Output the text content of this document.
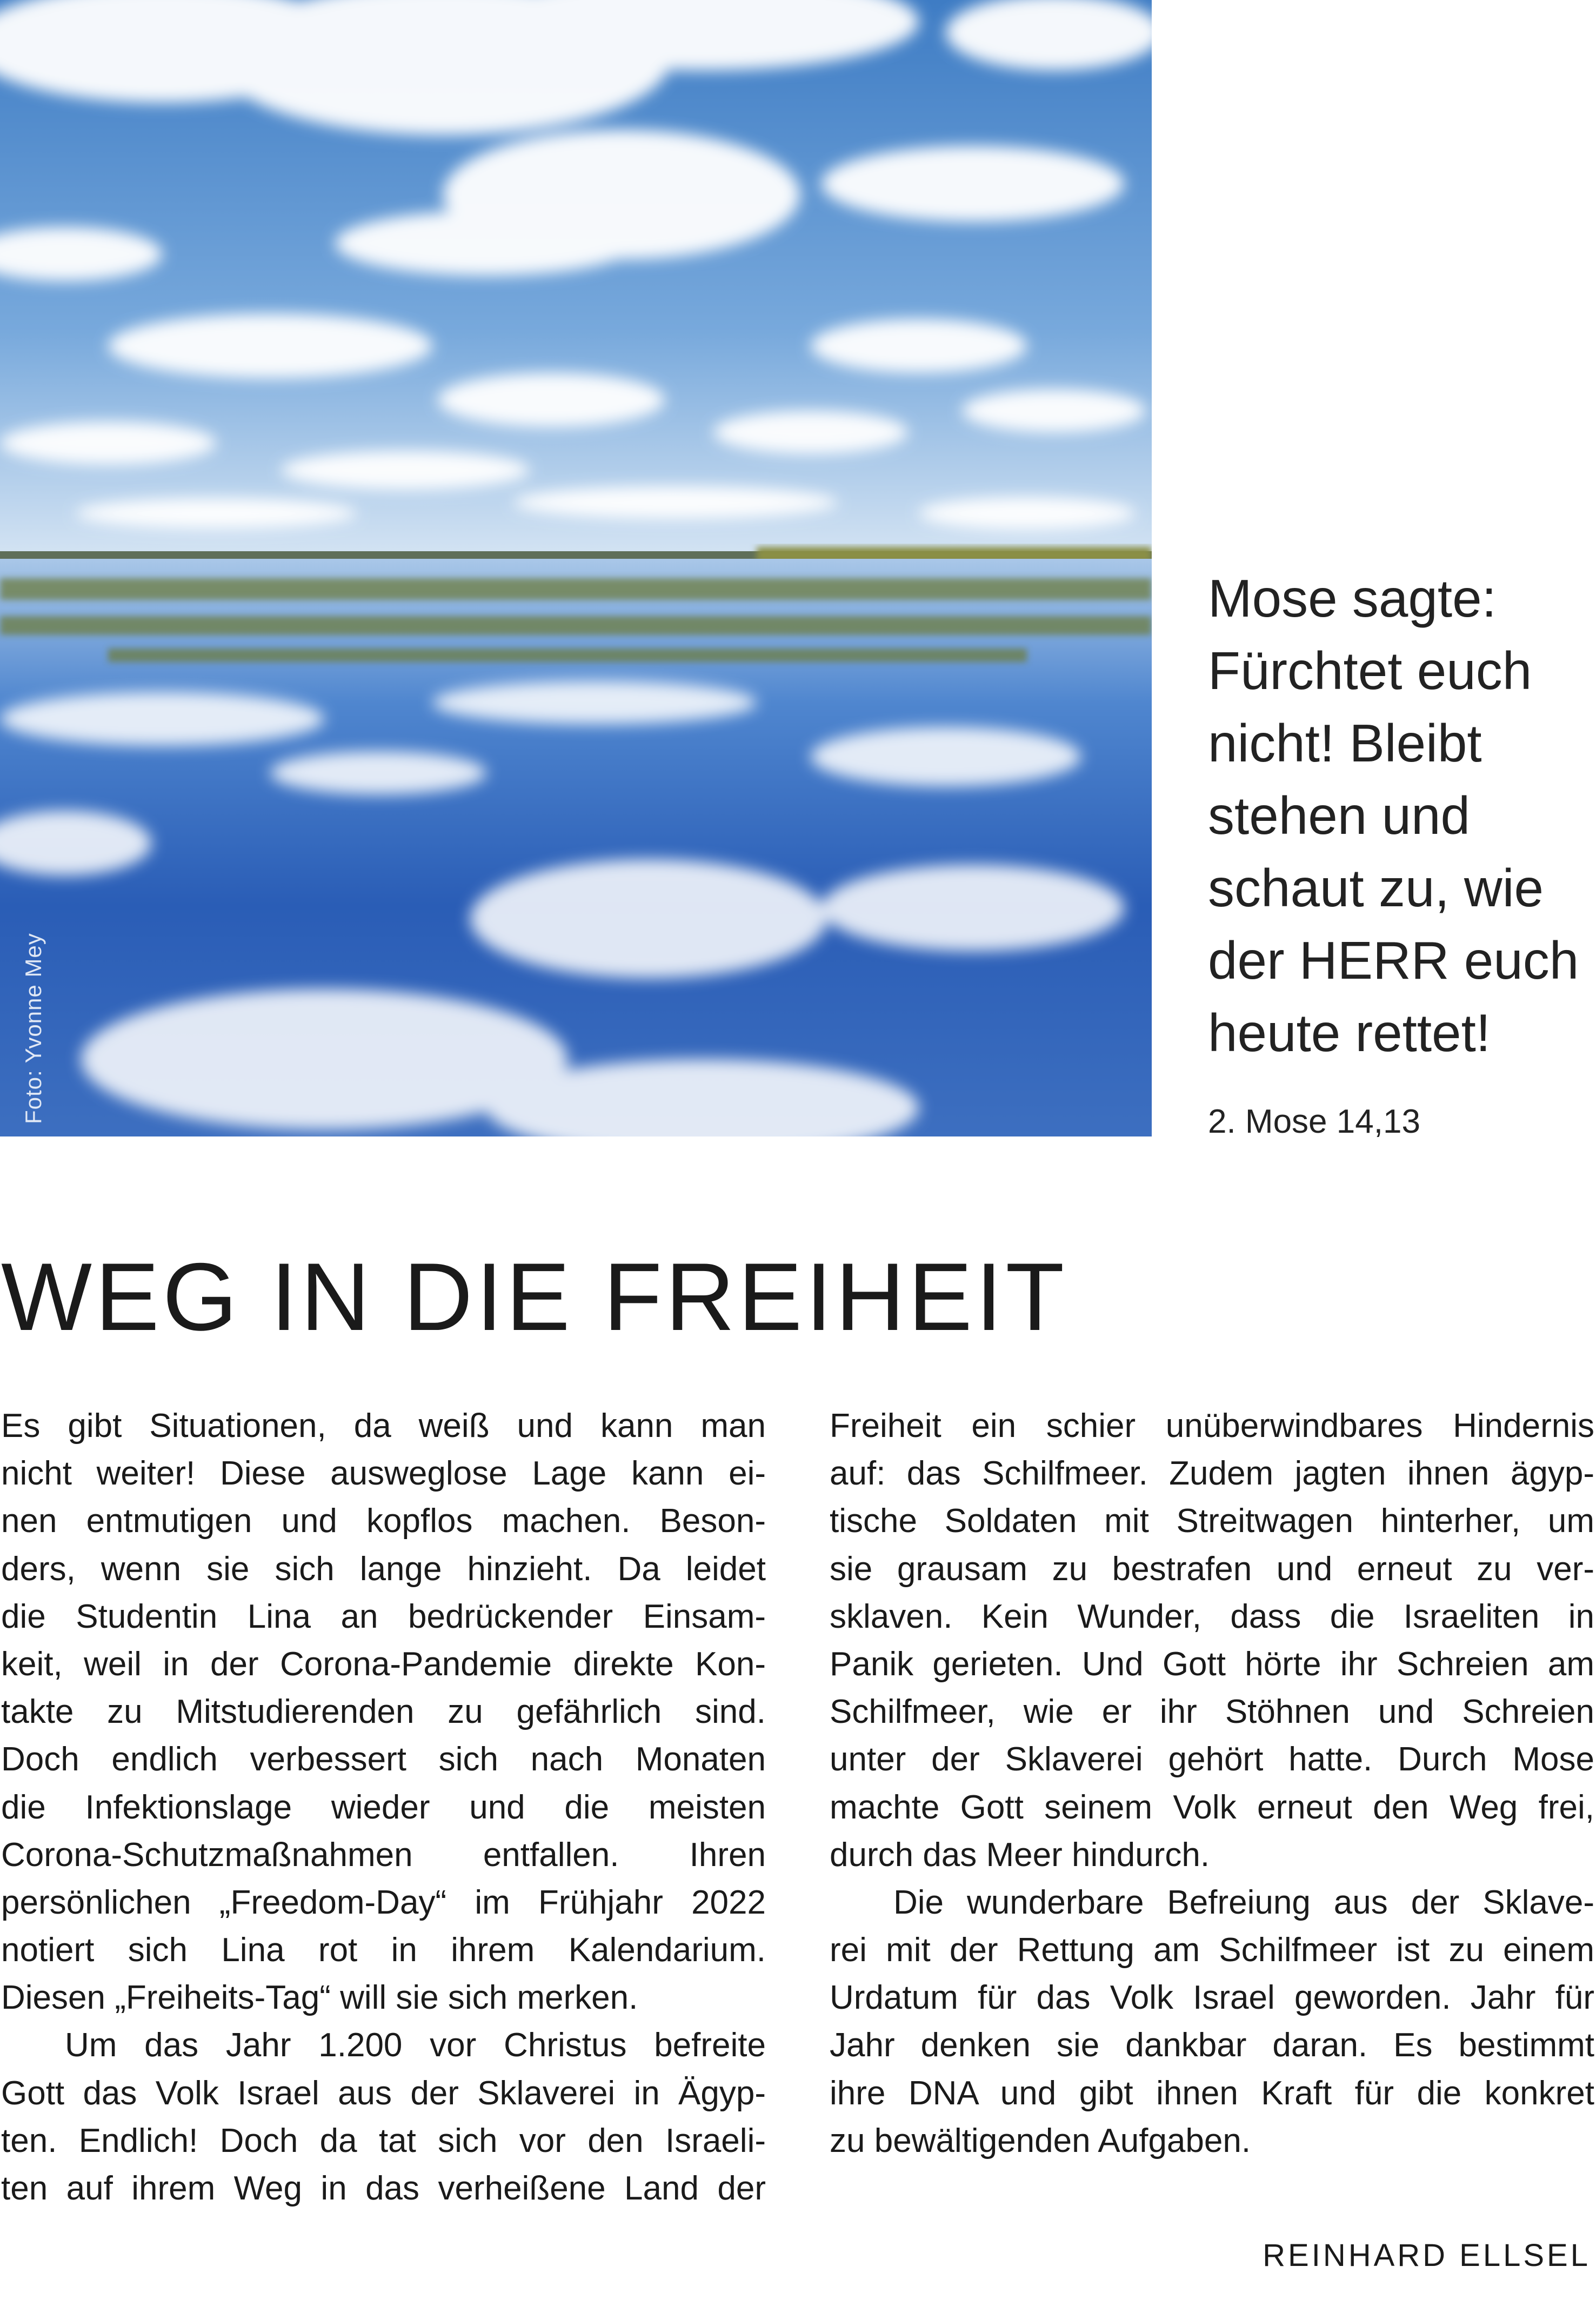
Foto: Yvonne Mey
Mose sagte:
Fürchtet euch
nicht! Bleibt
stehen und
schaut zu, wie
der HERR euch
heute rettet!
2. Mose 14,13
WEG IN DIE FREIHEIT
Es gibt Situationen, da weiß und kann man
nicht weiter! Diese ausweglose Lage kann ei-
nen entmutigen und kopflos machen. Beson-
ders, wenn sie sich lange hinzieht. Da leidet
die Studentin Lina an bedrückender Einsam-
keit, weil in der Corona-Pandemie direkte Kon-
takte zu Mitstudierenden zu gefährlich sind.
Doch endlich verbessert sich nach Monaten
die Infektionslage wieder und die meisten
Corona-Schutzmaßnahmen entfallen. Ihren
persönlichen „Freedom-Day“ im Frühjahr 2022
notiert sich Lina rot in ihrem Kalendarium.
Diesen „Freiheits-Tag“ will sie sich merken.
Um das Jahr 1.200 vor Christus befreite
Gott das Volk Israel aus der Sklaverei in Ägyp-
ten. Endlich! Doch da tat sich vor den Israeli-
ten auf ihrem Weg in das verheißene Land der
Freiheit ein schier unüberwindbares Hindernis
auf: das Schilfmeer. Zudem jagten ihnen ägyp-
tische Soldaten mit Streitwagen hinterher, um
sie grausam zu bestrafen und erneut zu ver-
sklaven. Kein Wunder, dass die Israeliten in
Panik gerieten. Und Gott hörte ihr Schreien am
Schilfmeer, wie er ihr Stöhnen und Schreien
unter der Sklaverei gehört hatte. Durch Mose
machte Gott seinem Volk erneut den Weg frei,
durch das Meer hindurch.
Die wunderbare Befreiung aus der Sklave-
rei mit der Rettung am Schilfmeer ist zu einem
Urdatum für das Volk Israel geworden. Jahr für
Jahr denken sie dankbar daran. Es bestimmt
ihre DNA und gibt ihnen Kraft für die konkret
zu bewältigenden Aufgaben.
REINHARD ELLSEL
